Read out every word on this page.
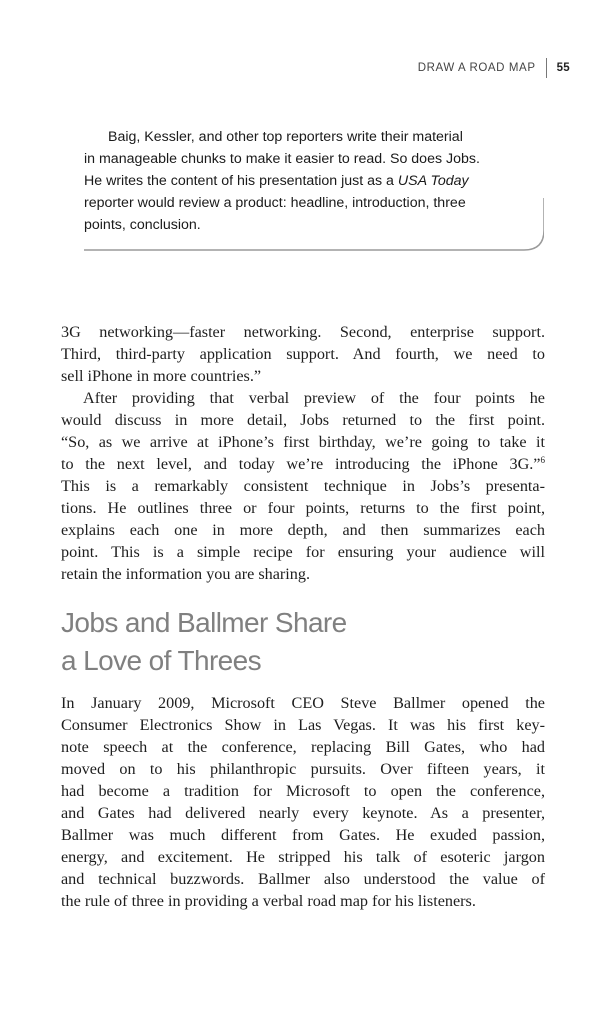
DRAW A ROAD MAP 55
Baig, Kessler, and other top reporters write their material
in manageable chunks to make it easier to read. So does Jobs.
He writes the content of his presentation just as a USA Today
reporter would review a product: headline, introduction, three
points, conclusion.
3G networking—faster networking. Second, enterprise support.
Third, third-party application support. And fourth, we need to
sell iPhone in more countries.”
After providing that verbal preview of the four points he
would discuss in more detail, Jobs returned to the first point.
“So, as we arrive at iPhone’s first birthday, we’re going to take it
to the next level, and today we’re introducing the iPhone 3G.”$^6$
This is a remarkably consistent technique in Jobs’s presenta-
tions. He outlines three or four points, returns to the first point,
explains each one in more depth, and then summarizes each
point. This is a simple recipe for ensuring your audience will
retain the information you are sharing.
Jobs and Ballmer Share
a Love of Threes
In January 2009, Microsoft CEO Steve Ballmer opened the
Consumer Electronics Show in Las Vegas. It was his first key-
note speech at the conference, replacing Bill Gates, who had
moved on to his philanthropic pursuits. Over fifteen years, it
had become a tradition for Microsoft to open the conference,
and Gates had delivered nearly every keynote. As a presenter,
Ballmer was much different from Gates. He exuded passion,
energy, and excitement. He stripped his talk of esoteric jargon
and technical buzzwords. Ballmer also understood the value of
the rule of three in providing a verbal road map for his listeners.
